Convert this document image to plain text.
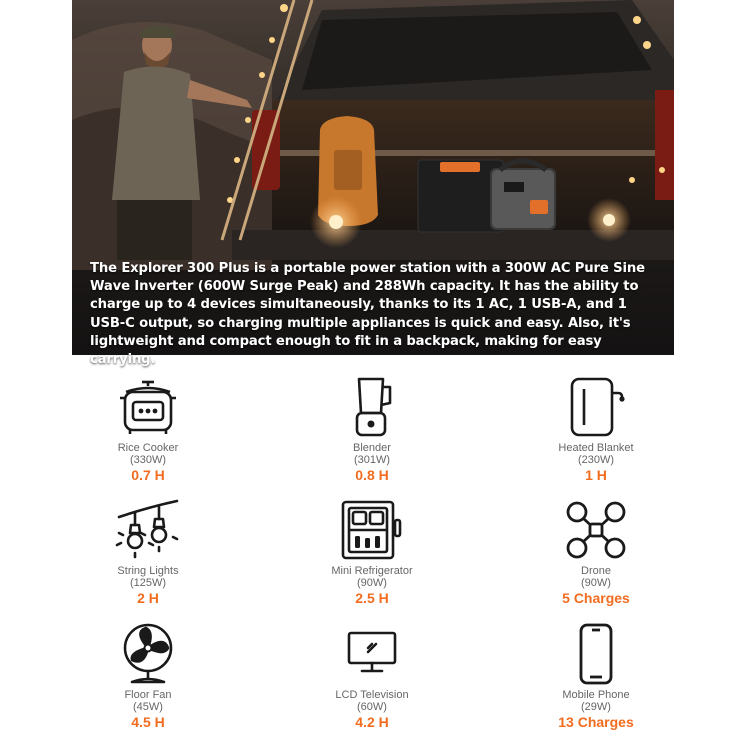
The Explorer 300 Plus is a portable power station with a 300W AC Pure Sine Wave Inverter (600W Surge Peak) and 288Wh capacity. It has the ability to charge up to 4 devices simultaneously, thanks to its 1 AC, 1 USB-A, and 1 USB-C output, so charging multiple appliances is quick and easy. Also, it's lightweight and compact enough to fit in a backpack, making for easy carrying.

Rice Cooker
(330W)
0.7 H
Blender
(301W)
0.8 H
Heated Blanket
(230W)
1 H
String Lights
(125W)
2 H
Mini Refrigerator
(90W)
2.5 H
Drone
(90W)
5 Charges
Floor Fan
(45W)
4.5 H
LCD Television
(60W)
4.2 H
Mobile Phone
(29W)
13 Charges
